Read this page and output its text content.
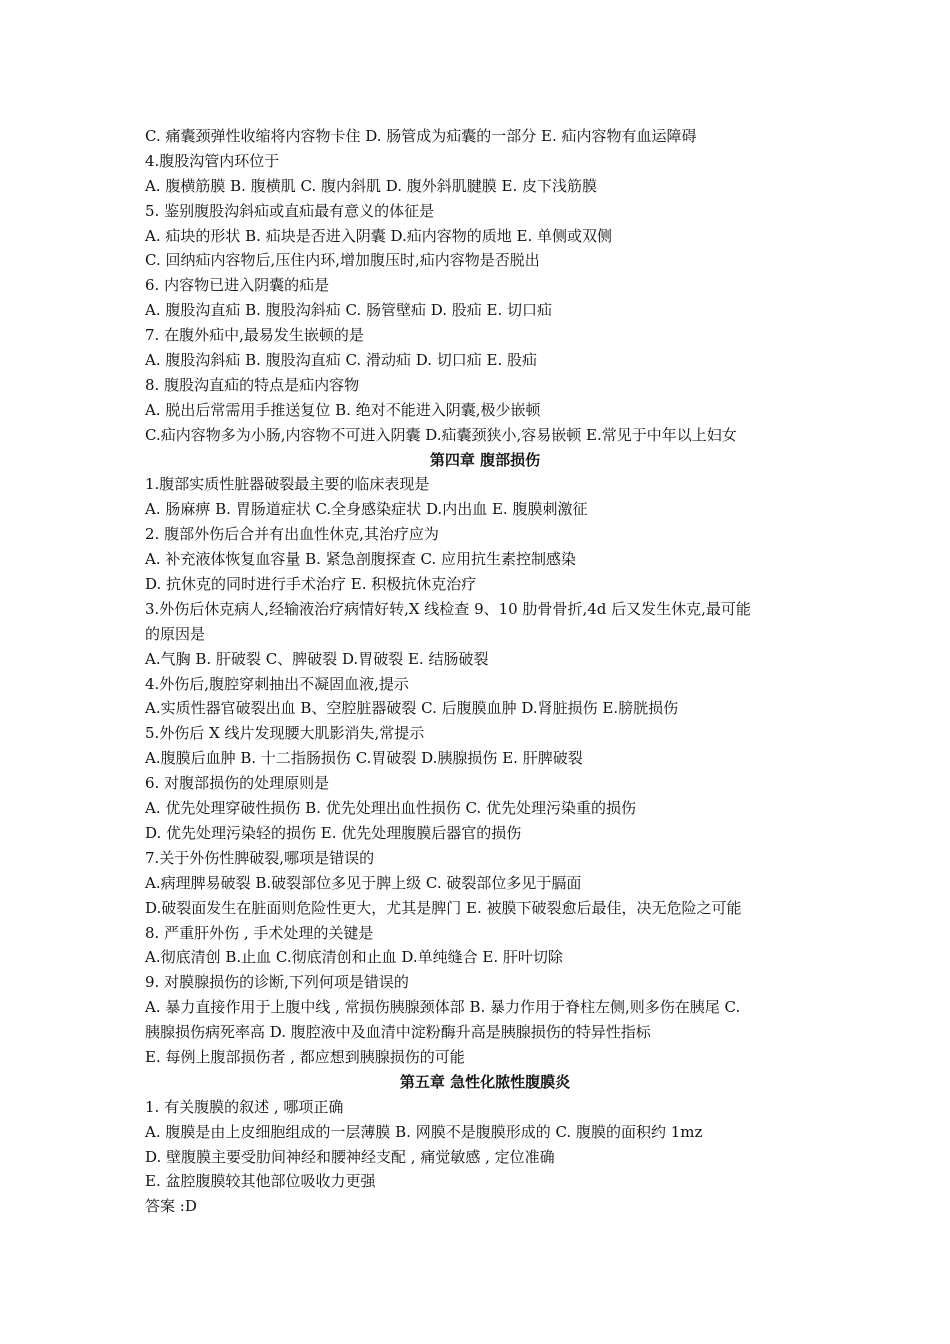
C. 痛囊颈弹性收缩将内容物卡住 D. 肠管成为疝囊的一部分 E. 疝内容物有血运障碍

4.腹股沟管内环位于

A. 腹横筋膜 B. 腹横肌 C. 腹内斜肌 D. 腹外斜肌腱膜 E. 皮下浅筋膜

5. 鉴别腹股沟斜疝或直疝最有意义的体征是

A. 疝块的形状 B. 疝块是否进入阴囊 D.疝内容物的质地 E. 单侧或双侧

C. 回纳疝内容物后,压住内环,增加腹压时,疝内容物是否脱出

6. 内容物已进入阴囊的疝是

A. 腹股沟直疝 B. 腹股沟斜疝 C. 肠管壁疝 D. 股疝 E. 切口疝

7. 在腹外疝中,最易发生嵌顿的是

A. 腹股沟斜疝 B. 腹股沟直疝 C. 滑动疝 D. 切口疝 E. 股疝

8. 腹股沟直疝的特点是疝内容物

A. 脱出后常需用手推送复位 B. 绝对不能进入阴囊,极少嵌顿

C.疝内容物多为小肠,内容物不可进入阴囊 D.疝囊颈狭小,容易嵌顿 E.常见于中年以上妇女

第四章 腹部损伤

1.腹部实质性脏器破裂最主要的临床表现是

A. 肠麻痹 B. 胃肠道症状 C.全身感染症状 D.内出血 E. 腹膜刺激征

2. 腹部外伤后合并有出血性休克,其治疗应为

A. 补充液体恢复血容量 B. 紧急剖腹探查 C. 应用抗生素控制感染

D. 抗休克的同时进行手术治疗 E. 积极抗休克治疗

3.外伤后休克病人,经输液治疗病情好转,X 线检查 9、10 肋骨骨折,4d 后又发生休克,最可能

的原因是

A.气胸 B. 肝破裂 C、脾破裂 D.胃破裂 E. 结肠破裂

4.外伤后,腹腔穿刺抽出不凝固血液,提示

A.实质性器官破裂出血 B、空腔脏器破裂 C. 后腹膜血肿 D.肾脏损伤 E.膀胱损伤

5.外伤后 X 线片发现腰大肌影消失,常提示

A.腹膜后血肿 B. 十二指肠损伤 C.胃破裂 D.胰腺损伤 E. 肝脾破裂

6. 对腹部损伤的处理原则是

A. 优先处理穿破性损伤 B. 优先处理出血性损伤 C. 优先处理污染重的损伤

D. 优先处理污染轻的损伤 E. 优先处理腹膜后器官的损伤

7.关于外伤性脾破裂,哪项是错误的

A.病理脾易破裂 B.破裂部位多见于脾上级 C. 破裂部位多见于膈面

D.破裂面发生在脏面则危险性更大，尤其是脾门 E. 被膜下破裂愈后最佳，决无危险之可能

8. 严重肝外伤 , 手术处理的关键是

A.彻底清创 B.止血 C.彻底清创和止血 D.单纯缝合 E. 肝叶切除

9. 对膜腺损伤的诊断,下列何项是错误的

A. 暴力直接作用于上腹中线 , 常损伤胰腺颈体部 B. 暴力作用于脊柱左侧,则多伤在胰尾 C.

胰腺损伤病死率高 D. 腹腔液中及血清中淀粉酶升高是胰腺损伤的特异性指标

E. 每例上腹部损伤者 , 都应想到胰腺损伤的可能

第五章 急性化脓性腹膜炎

1. 有关腹膜的叙述 , 哪项正确

A. 腹膜是由上皮细胞组成的一层薄膜 B. 网膜不是腹膜形成的 C. 腹膜的面积约 1mz

D. 壁腹膜主要受肋间神经和腰神经支配 , 痛觉敏感 , 定位准确

E. 盆腔腹膜较其他部位吸收力更强

答案 :D
